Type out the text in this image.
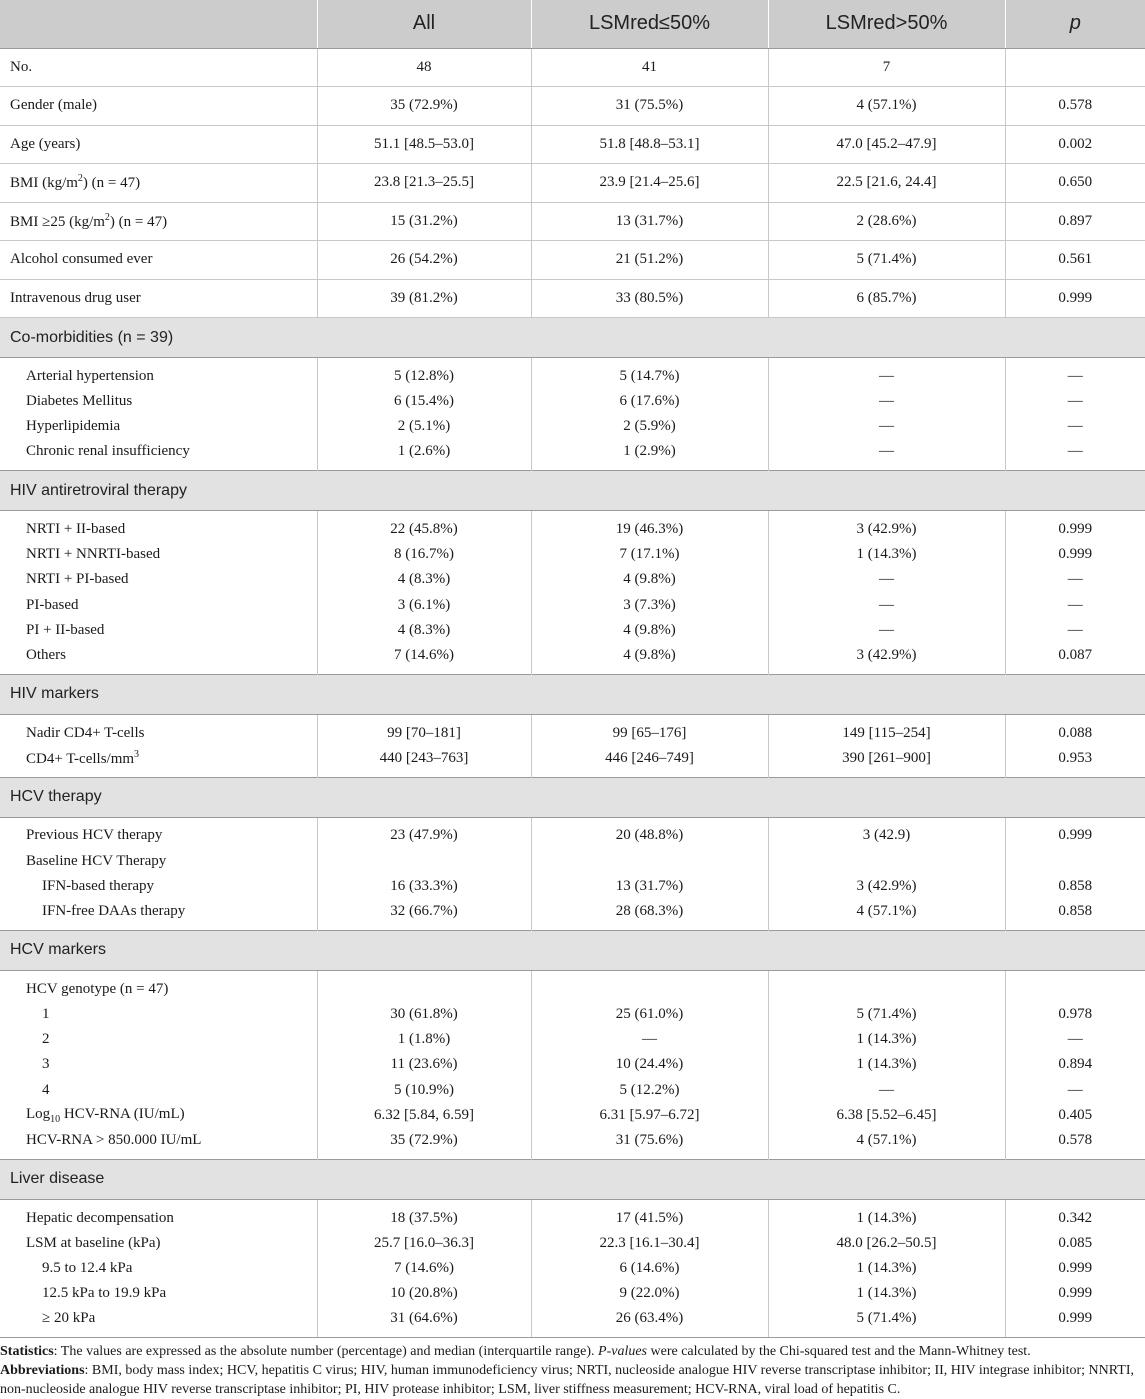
	All	LSMred≤50%	LSMred>50%	p
No.	48	41	7	
Gender (male)	35 (72.9%)	31 (75.5%)	4 (57.1%)	0.578
Age (years)	51.1 [48.5–53.0]	51.8 [48.8–53.1]	47.0 [45.2–47.9]	0.002
BMI $(kg/m^2) (n = 47)$	23.8 [21.3–25.5]	23.9 [21.4–25.6]	22.5 [21.6, 24.4]	0.650
BMI ≥25 $(kg/m^2) (n = 47)$	15 (31.2%)	13 (31.7%)	2 (28.6%)	0.897
Alcohol consumed ever	26 (54.2%)	21 (51.2%)	5 (71.4%)	0.561
Intravenous drug user	39 (81.2%)	33 (80.5%)	6 (85.7%)	0.999
Co-morbidities (n = 39)				
Arterial hypertension	5 (12.8%)	5 (14.7%)	—	—
Diabetes Mellitus	6 (15.4%)	6 (17.6%)	—	—
Hyperlipidemia	2 (5.1%)	2 (5.9%)	—	—
Chronic renal insufficiency	1 (2.6%)	1 (2.9%)	—	—
HIV antiretroviral therapy				
NRTI + II-based	22 (45.8%)	19 (46.3%)	3 (42.9%)	0.999
NRTI + NNRTI-based	8 (16.7%)	7 (17.1%)	1 (14.3%)	0.999
NRTI + PI-based	4 (8.3%)	4 (9.8%)	—	—
PI-based	3 (6.1%)	3 (7.3%)	—	—
PI + II-based	4 (8.3%)	4 (9.8%)	—	—
Others	7 (14.6%)	4 (9.8%)	3 (42.9%)	0.087
HIV markers				
Nadir CD4+ T-cells	99 [70–181]	99 [65–176]	149 [115–254]	0.088
$CD4+ T-cells/mm^3$	440 [243–763]	446 [246–749]	390 [261–900]	0.953
HCV therapy				
Previous HCV therapy	23 (47.9%)	20 (48.8%)	3 (42.9)	0.999
Baseline HCV Therapy				
IFN-based therapy	16 (33.3%)	13 (31.7%)	3 (42.9%)	0.858
IFN-free DAAs therapy	32 (66.7%)	28 (68.3%)	4 (57.1%)	0.858
HCV markers				
HCV genotype (n = 47)				
1	30 (61.8%)	25 (61.0%)	5 (71.4%)	0.978
2	1 (1.8%)	—	1 (14.3%)	—
3	11 (23.6%)	10 (24.4%)	1 (14.3%)	0.894
4	5 (10.9%)	5 (12.2%)	—	—
Log$_{10}$ HCV-RNA (IU/mL)	6.32 [5.84, 6.59]	6.31 [5.97–6.72]	6.38 [5.52–6.45]	0.405
HCV-RNA > 850.000 IU/mL	35 (72.9%)	31 (75.6%)	4 (57.1%)	0.578
Liver disease				
Hepatic decompensation	18 (37.5%)	17 (41.5%)	1 (14.3%)	0.342
LSM at baseline (kPa)	25.7 [16.0–36.3]	22.3 [16.1–30.4]	48.0 [26.2–50.5]	0.085
9.5 to 12.4 kPa	7 (14.6%)	6 (14.6%)	1 (14.3%)	0.999
12.5 kPa to 19.9 kPa	10 (20.8%)	9 (22.0%)	1 (14.3%)	0.999
≥ 20 kPa	31 (64.6%)	26 (63.4%)	5 (71.4%)	0.999

Statistics: The values are expressed as the absolute number (percentage) and median (interquartile range). P-values were calculated by the Chi-squared test and the Mann-Whitney test.

Abbreviations: BMI, body mass index; HCV, hepatitis C virus; HIV, human immunodeficiency virus; NRTI, nucleoside analogue HIV reverse transcriptase inhibitor; II, HIV integrase inhibitor; NNRTI, non-nucleoside analogue HIV reverse transcriptase inhibitor; PI, HIV protease inhibitor; LSM, liver stiffness measurement; HCV-RNA, viral load of hepatitis C.
